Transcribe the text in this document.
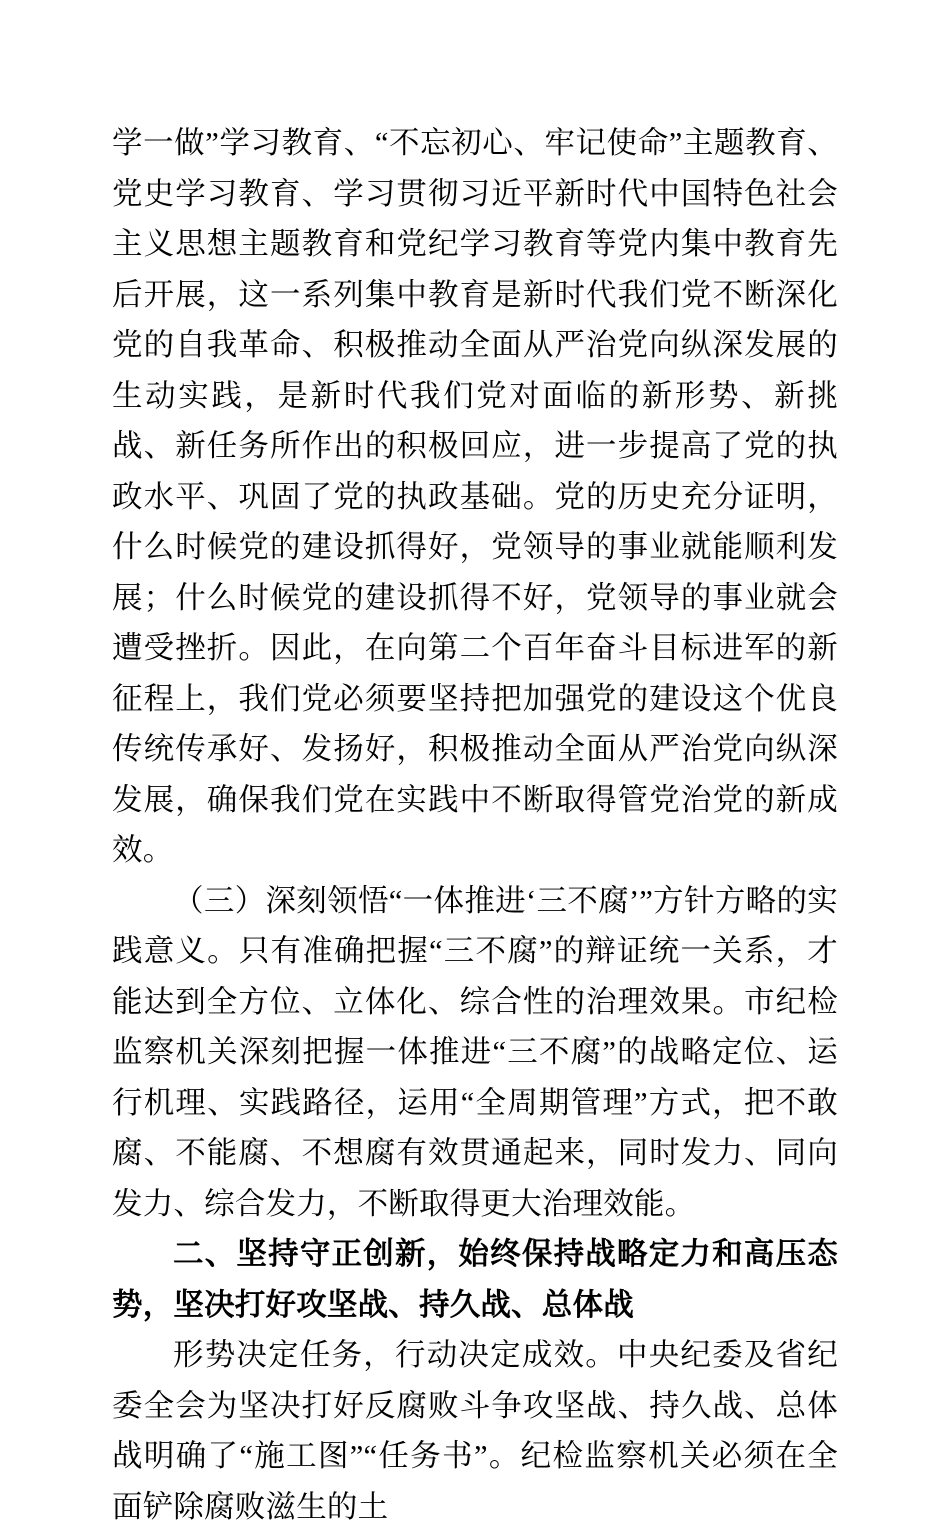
学一做”学习教育、“不忘初心、牢记使命”主题教育、党史学习教育、学习贯彻习近平新时代中国特色社会主义思想主题教育和党纪学习教育等党内集中教育先后开展，这一系列集中教育是新时代我们党不断深化党的自我革命、积极推动全面从严治党向纵深发展的生动实践，是新时代我们党对面临的新形势、新挑战、新任务所作出的积极回应，进一步提高了党的执政水平、巩固了党的执政基础。党的历史充分证明，什么时候党的建设抓得好，党领导的事业就能顺利发展；什么时候党的建设抓得不好，党领导的事业就会遭受挫折。因此，在向第二个百年奋斗目标进军的新征程上，我们党必须要坚持把加强党的建设这个优良传统传承好、发扬好，积极推动全面从严治党向纵深发展，确保我们党在实践中不断取得管党治党的新成效。

（三）深刻领悟“一体推进‘三不腐’”方针方略的实践意义。只有准确把握“三不腐”的辩证统一关系，才能达到全方位、立体化、综合性的治理效果。市纪检监察机关深刻把握一体推进“三不腐”的战略定位、运行机理、实践路径，运用“全周期管理”方式，把不敢腐、不能腐、不想腐有效贯通起来，同时发力、同向发力、综合发力，不断取得更大治理效能。

二、坚持守正创新，始终保持战略定力和高压态势，坚决打好攻坚战、持久战、总体战

形势决定任务，行动决定成效。中央纪委及省纪委全会为坚决打好反腐败斗争攻坚战、持久战、总体战明确了“施工图”“任务书”。纪检监察机关必须在全面铲除腐败滋生的土
